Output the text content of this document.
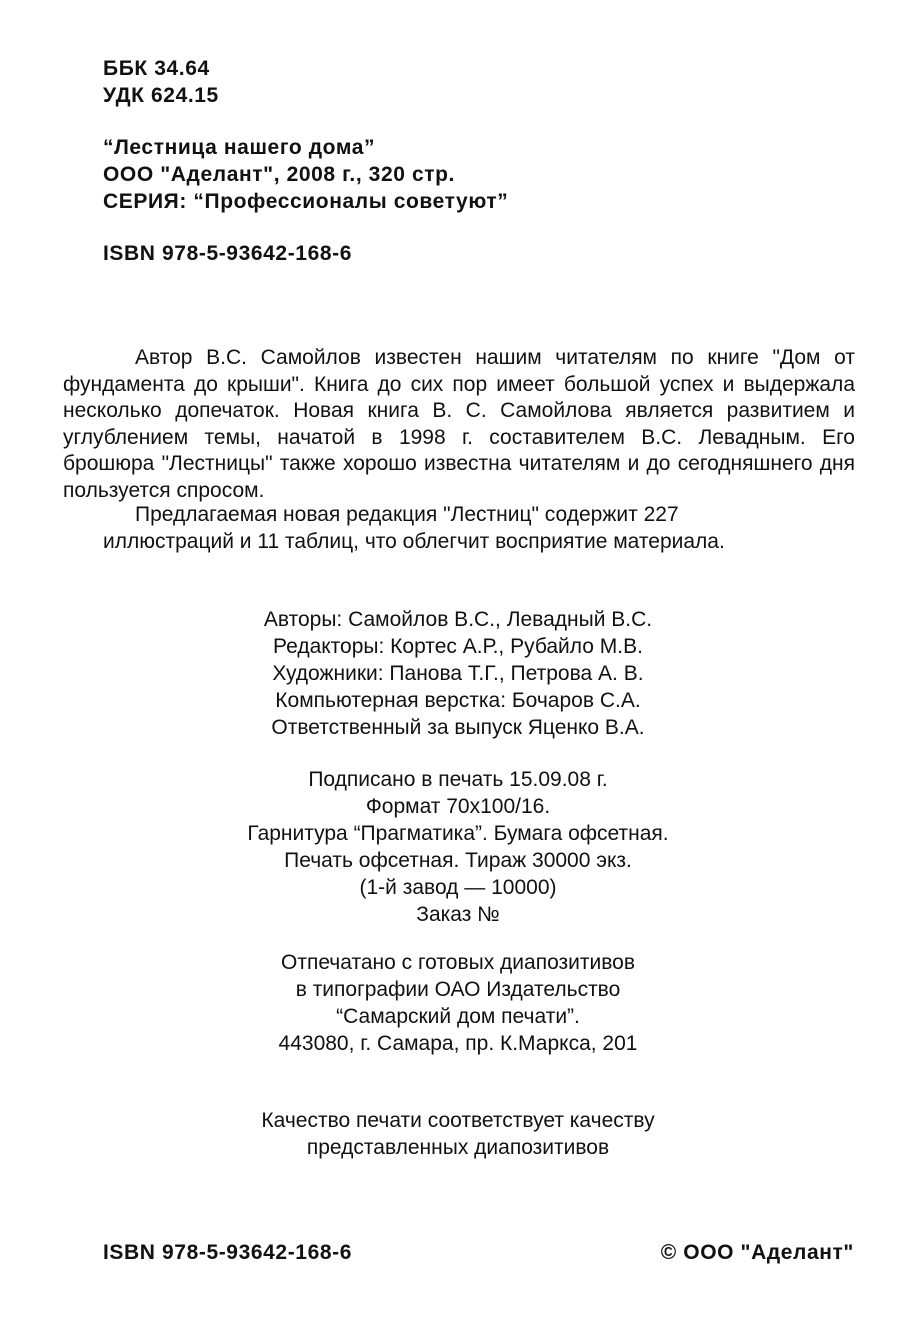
ББК 34.64
УДК 624.15
“Лестница нашего дома”
ООО "Аделант", 2008 г., 320 стр.
СЕРИЯ: “Профессионалы советуют”
ISBN 978-5-93642-168-6
Автор В.С. Самойлов известен нашим читателям по книге "Дом от фундамента до крыши". Книга до сих пор имеет большой успех и выдержала несколько допечаток. Новая книга В. С. Самойлова является развитием и углублением темы, начатой в 1998 г. составителем В.С. Левадным. Его брошюра "Лестницы" также хорошо известна читателям и до сегодняшнего дня пользуется спросом.
Предлагаемая новая редакция "Лестниц" содержит 227
иллюстраций и 11 таблиц, что облегчит восприятие материала.
Авторы: Самойлов В.С., Левадный В.С.
Редакторы: Кортес А.Р., Рубайло М.В.
Художники: Панова Т.Г., Петрова А. В.
Компьютерная верстка: Бочаров С.А.
Ответственный за выпуск Яценко В.А.
Подписано в печать 15.09.08 г.
Формат 70x100/16.
Гарнитура “Прагматика”. Бумага офсетная.
Печать офсетная. Тираж 30000 экз.
(1-й завод — 10000)
Заказ №
Отпечатано с готовых диапозитивов
в типографии ОАО Издательство
“Самарский дом печати”.
443080, г. Самара, пр. К.Маркса, 201
Качество печати соответствует качеству
представленных диапозитивов
ISBN 978-5-93642-168-6	© ООО "Аделант"
